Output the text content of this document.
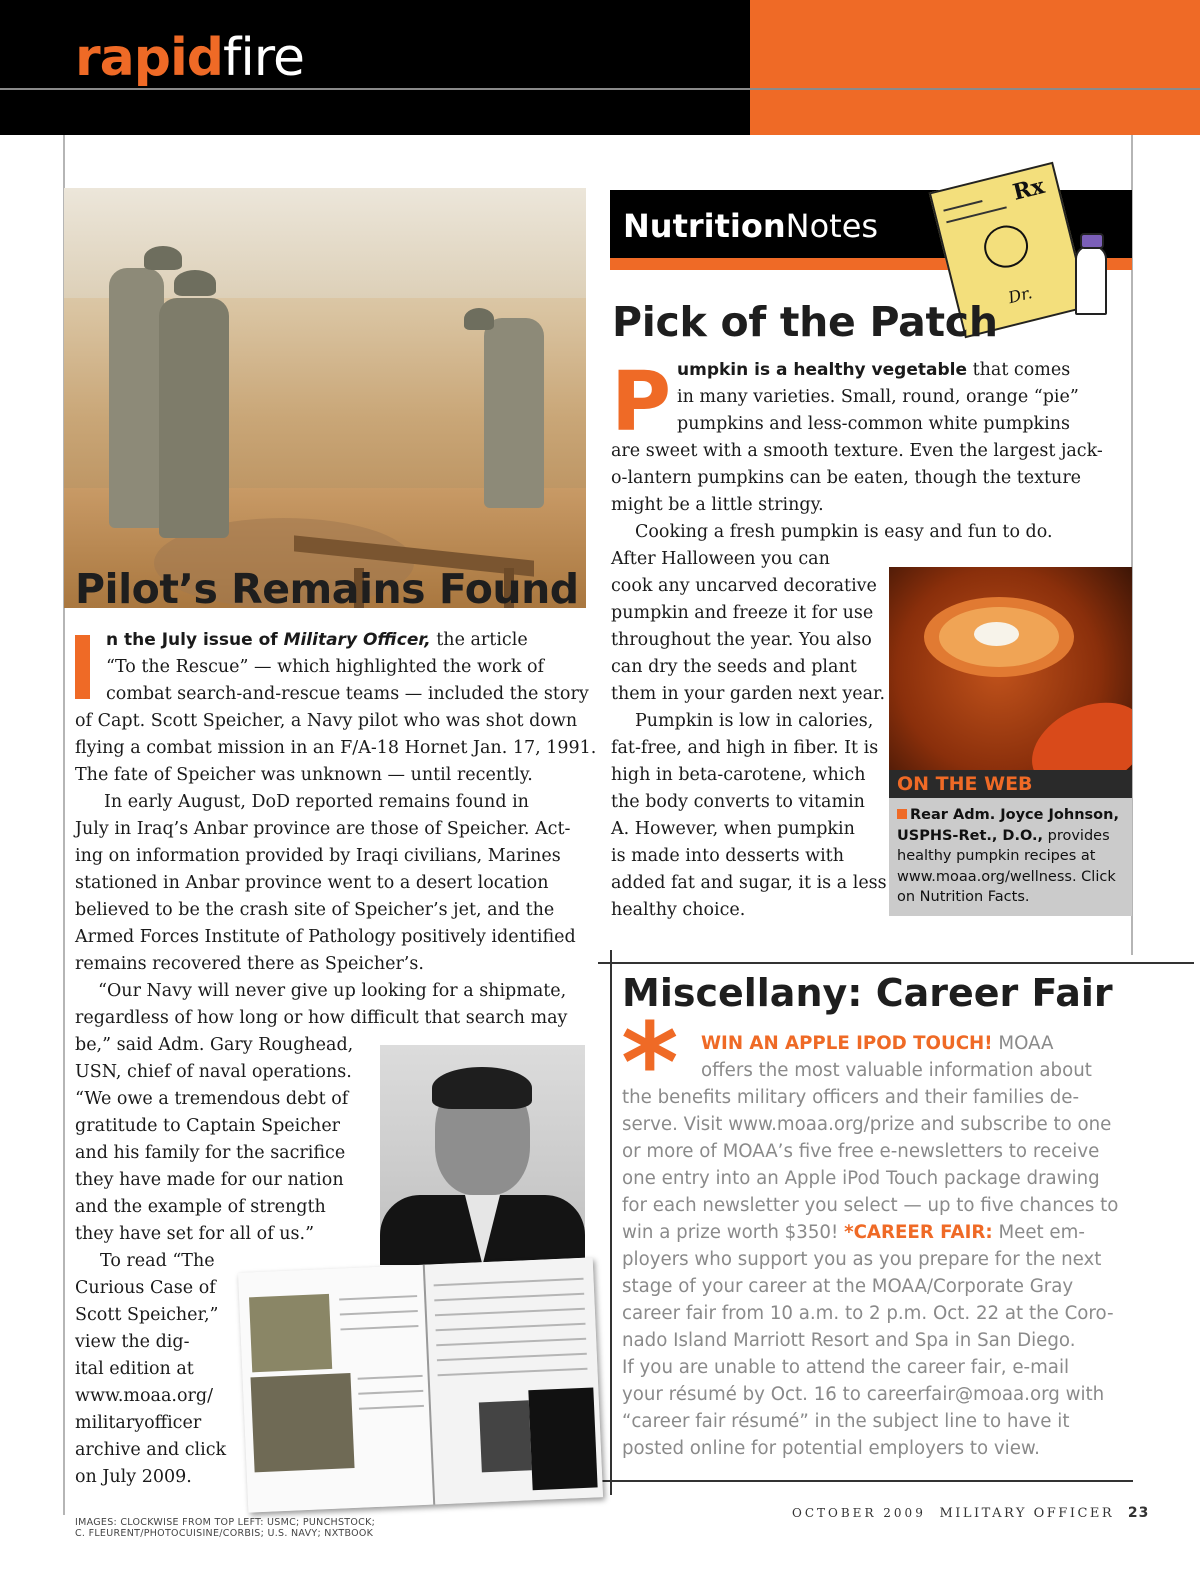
rapidfire
Pilot’s Remains Found
n the July issue of Military Officer, the article
“To the Rescue” — which highlighted the work of
combat search-and-rescue teams — included the story
of Capt. Scott Speicher, a Navy pilot who was shot down
flying a combat mission in an F/A-18 Hornet Jan. 17, 1991.
The fate of Speicher was unknown — until recently.
In early August, DoD reported remains found in
July in Iraq’s Anbar province are those of Speicher. Act-
ing on information provided by Iraqi civilians, Marines
stationed in Anbar province went to a desert location
believed to be the crash site of Speicher’s jet, and the
Armed Forces Institute of Pathology positively identified
remains recovered there as Speicher’s.
“Our Navy will never give up looking for a shipmate,
regardless of how long or how difficult that search may
be,” said Adm. Gary Roughead,
USN, chief of naval operations.
“We owe a tremendous debt of
gratitude to Captain Speicher
and his family for the sacrifice
they have made for our nation
and the example of strength
they have set for all of us.”
To read “The
Curious Case of
Scott Speicher,”
view the dig-
ital edition at
www.moaa.org/
militaryofficer
archive and click
on July 2009.
IMAGES: CLOCKWISE FROM TOP LEFT: USMC; PUNCHSTOCK;
C. FLEURENT/PHOTOCUISINE/CORBIS; U.S. NAVY; NXTBOOK
NutritionNotes
Rx
Dr.
Pick of the Patch
P umpkin is a healthy vegetable that comes
in many varieties. Small, round, orange “pie”
pumpkins and less-common white pumpkins
are sweet with a smooth texture. Even the largest jack-
o-lantern pumpkins can be eaten, though the texture
might be a little stringy.
Cooking a fresh pumpkin is easy and fun to do.
After Halloween you can
cook any uncarved decorative
pumpkin and freeze it for use
throughout the year. You also
can dry the seeds and plant
them in your garden next year.
Pumpkin is low in calories,
fat-free, and high in fiber. It is
high in beta-carotene, which
the body converts to vitamin
A. However, when pumpkin
is made into desserts with
added fat and sugar, it is a less
healthy choice.
ON THE WEB
Rear Adm. Joyce Johnson,
USPHS-Ret., D.O., provides
healthy pumpkin recipes at
www.moaa.org/wellness. Click
on Nutrition Facts.
Miscellany: Career Fair
* WIN AN APPLE IPOD TOUCH! MOAA
offers the most valuable information about
the benefits military officers and their families de-
serve. Visit www.moaa.org/prize and subscribe to one
or more of MOAA’s five free e-newsletters to receive
one entry into an Apple iPod Touch package drawing
for each newsletter you select — up to five chances to
win a prize worth $350! *CAREER FAIR: Meet em-
ployers who support you as you prepare for the next
stage of your career at the MOAA/Corporate Gray
career fair from 10 a.m. to 2 p.m. Oct. 22 at the Coro-
nado Island Marriott Resort and Spa in San Diego.
If you are unable to attend the career fair, e-mail
your résumé by Oct. 16 to careerfair@moaa.org with
“career fair résumé” in the subject line to have it
posted online for potential employers to view.
OCTOBER 2009 MILITARY OFFICER 23
